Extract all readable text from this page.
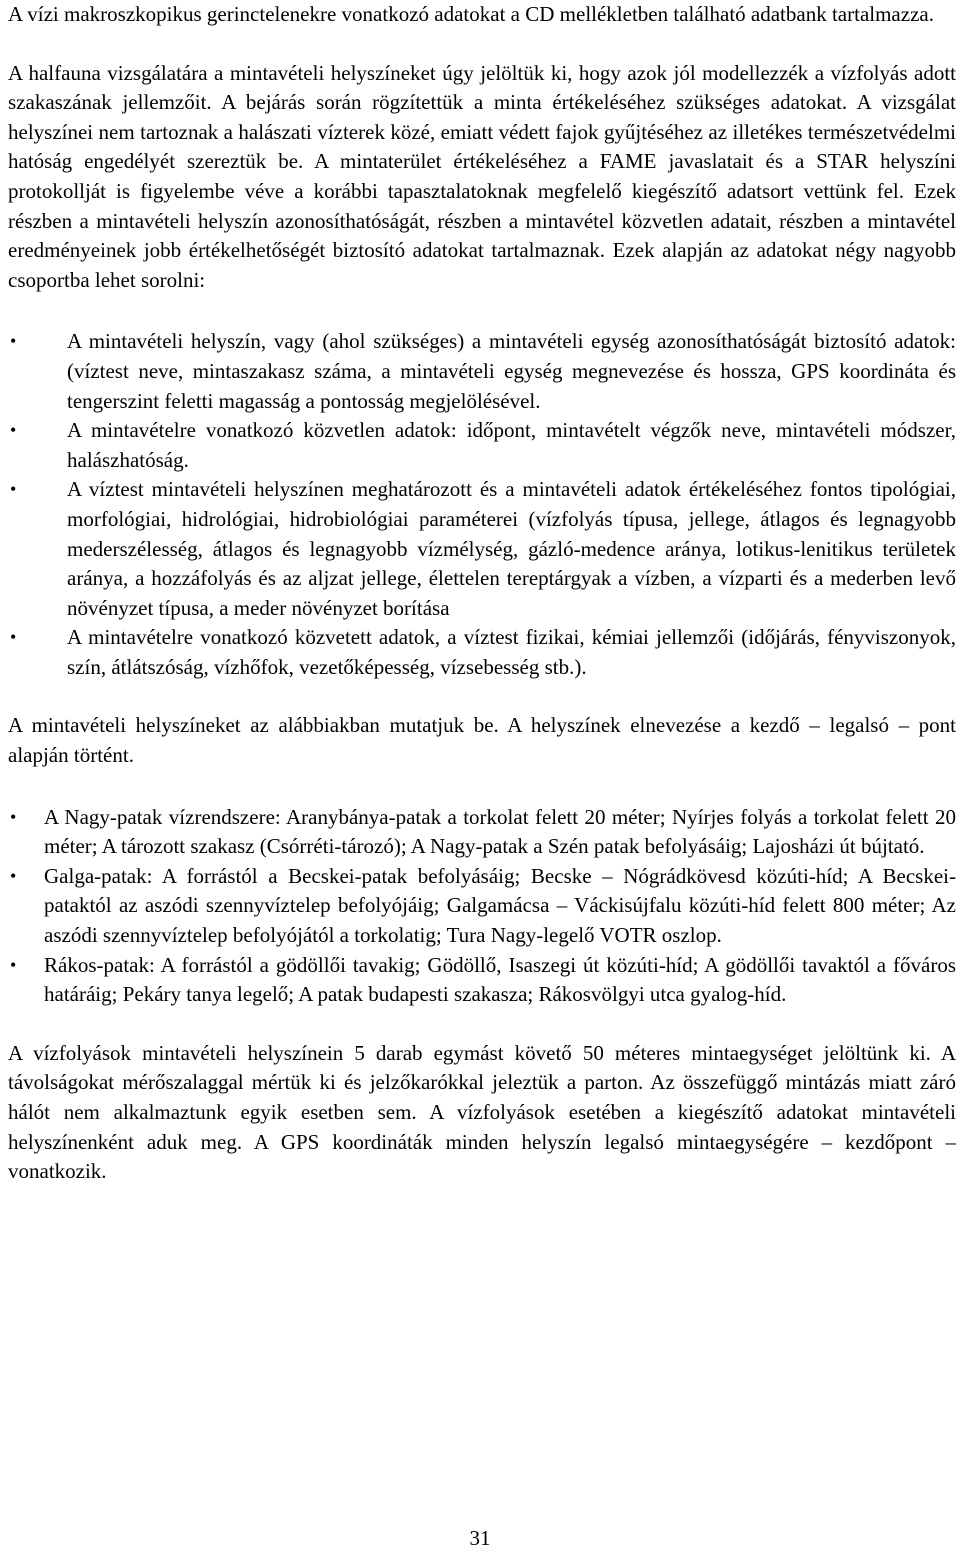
A vízi makroszkopikus gerinctelenekre vonatkozó adatokat a CD mellékletben található adatbank tartalmazza.

A halfauna vizsgálatára a mintavételi helyszíneket úgy jelöltük ki, hogy azok jól modellezzék a vízfolyás adott szakaszának jellemzőit. A bejárás során rögzítettük a minta értékeléséhez szükséges adatokat. A vizsgálat helyszínei nem tartoznak a halászati vízterek közé, emiatt védett fajok gyűjtéséhez az illetékes természetvédelmi hatóság engedélyét szereztük be. A mintaterület értékeléséhez a FAME javaslatait és a STAR helyszíni protokollját is figyelembe véve a korábbi tapasztalatoknak megfelelő kiegészítő adatsort vettünk fel. Ezek részben a mintavételi helyszín azonosíthatóságát, részben a mintavétel közvetlen adatait, részben a mintavétel eredményeinek jobb értékelhetőségét biztosító adatokat tartalmaznak. Ezek alapján az adatokat négy nagyobb csoportba lehet sorolni:

• A mintavételi helyszín, vagy (ahol szükséges) a mintavételi egység azonosíthatóságát biztosító adatok: (víztest neve, mintaszakasz száma, a mintavételi egység megnevezése és hossza, GPS koordináta és tengerszint feletti magasság a pontosság megjelölésével.
• A mintavételre vonatkozó közvetlen adatok: időpont, mintavételt végzők neve, mintavételi módszer, halászhatóság.
• A víztest mintavételi helyszínen meghatározott és a mintavételi adatok értékeléséhez fontos tipológiai, morfológiai, hidrológiai, hidrobiológiai paraméterei (vízfolyás típusa, jellege, átlagos és legnagyobb mederszélesség, átlagos és legnagyobb vízmélység, gázló-medence aránya, lotikus-lenitikus területek aránya, a hozzáfolyás és az aljzat jellege, élettelen tereptárgyak a vízben, a vízparti és a mederben levő növényzet típusa, a meder növényzet borítása
• A mintavételre vonatkozó közvetett adatok, a víztest fizikai, kémiai jellemzői (időjárás, fényviszonyok, szín, átlátszóság, vízhőfok, vezetőképesség, vízsebesség stb.).

A mintavételi helyszíneket az alábbiakban mutatjuk be. A helyszínek elnevezése a kezdő – legalsó – pont alapján történt.

• A Nagy-patak vízrendszere: Aranybánya-patak a torkolat felett 20 méter; Nyírjes folyás a torkolat felett 20 méter; A tározott szakasz (Csórréti-tározó); A Nagy-patak a Szén patak befolyásáig; Lajosházi út bújtató.
• Galga-patak: A forrástól a Becskei-patak befolyásáig; Becske – Nógrádkövesd közúti-híd; A Becskei-pataktól az aszódi szennyvíztelep befolyójáig; Galgamácsa – Váckisújfalu közúti-híd felett 800 méter; Az aszódi szennyvíztelep befolyójától a torkolatig; Tura Nagy-legelő VOTR oszlop.
• Rákos-patak: A forrástól a gödöllői tavakig; Gödöllő, Isaszegi út közúti-híd; A gödöllői tavaktól a főváros határáig; Pekáry tanya legelő; A patak budapesti szakasza; Rákosvölgyi utca gyalog-híd.

A vízfolyások mintavételi helyszínein 5 darab egymást követő 50 méteres mintaegységet jelöltünk ki. A távolságokat mérőszalaggal mértük ki és jelzőkarókkal jeleztük a parton. Az összefüggő mintázás miatt záró hálót nem alkalmaztunk egyik esetben sem. A vízfolyások esetében a kiegészítő adatokat mintavételi helyszínenként aduk meg. A GPS koordináták minden helyszín legalsó mintaegységére – kezdőpont – vonatkozik.

31
